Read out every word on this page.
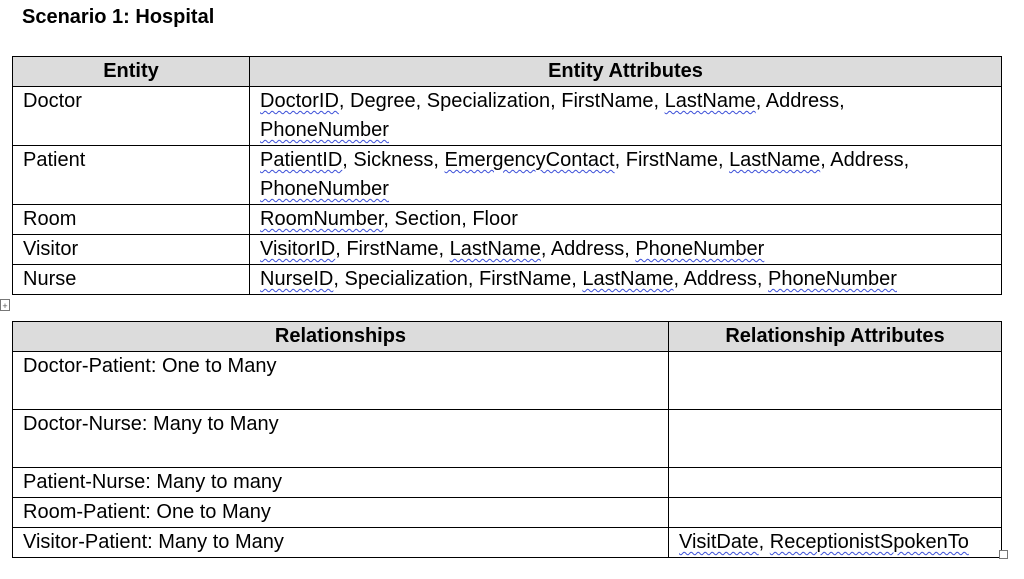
Scenario 1: Hospital
Entity	Entity Attributes
Doctor	DoctorID, Degree, Specialization, FirstName, LastName, Address,
PhoneNumber
Patient	PatientID, Sickness, EmergencyContact, FirstName, LastName, Address,
PhoneNumber
Room	RoomNumber, Section, Floor
Visitor	VisitorID, FirstName, LastName, Address, PhoneNumber
Nurse	NurseID, Specialization, FirstName, LastName, Address, PhoneNumber
+
Relationships	Relationship Attributes
Doctor-Patient: One to Many	
Doctor-Nurse: Many to Many	
Patient-Nurse: Many to many	
Room-Patient: One to Many	
Visitor-Patient: Many to Many	VisitDate, ReceptionistSpokenTo
